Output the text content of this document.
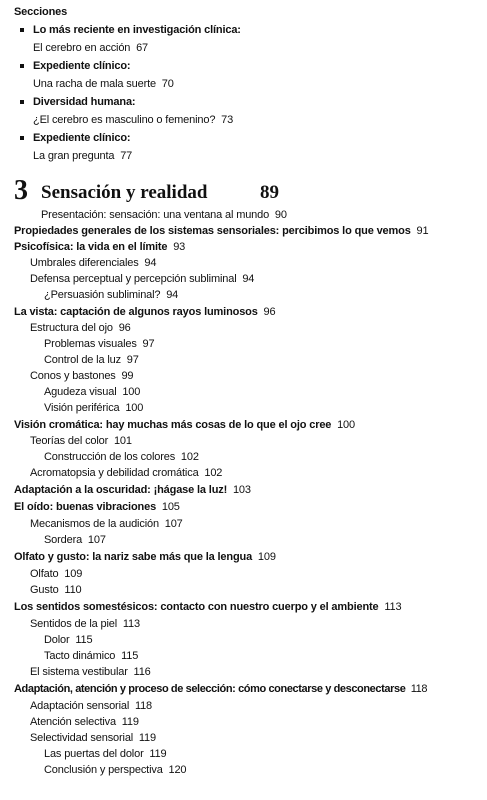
Secciones
Lo más reciente en investigación clínica:
El cerebro en acción 67
Expediente clínico:
Una racha de mala suerte 70
Diversidad humana:
¿El cerebro es masculino o femenino? 73
Expediente clínico:
La gran pregunta 77
3 Sensación y realidad	89
Presentación: sensación: una ventana al mundo 90
Propiedades generales de los sistemas sensoriales: percibimos lo que vemos 91
Psicofísica: la vida en el límite 93
Umbrales diferenciales 94
Defensa perceptual y percepción subliminal 94
¿Persuasión subliminal? 94
La vista: captación de algunos rayos luminosos 96
Estructura del ojo 96
Problemas visuales 97
Control de la luz 97
Conos y bastones 99
Agudeza visual 100
Visión periférica 100
Visión cromática: hay muchas más cosas de lo que el ojo cree 100
Teorías del color 101
Construcción de los colores 102
Acromatopsia y debilidad cromática 102
Adaptación a la oscuridad: ¡hágase la luz! 103
El oído: buenas vibraciones 105
Mecanismos de la audición 107
Sordera 107
Olfato y gusto: la nariz sabe más que la lengua 109
Olfato 109
Gusto 110
Los sentidos somestésicos: contacto con nuestro cuerpo y el ambiente 113
Sentidos de la piel 113
Dolor 115
Tacto dinámico 115
El sistema vestibular 116
Adaptación, atención y proceso de selección: cómo conectarse y desconectarse 118
Adaptación sensorial 118
Atención selectiva 119
Selectividad sensorial 119
Las puertas del dolor 119
Conclusión y perspectiva 120
